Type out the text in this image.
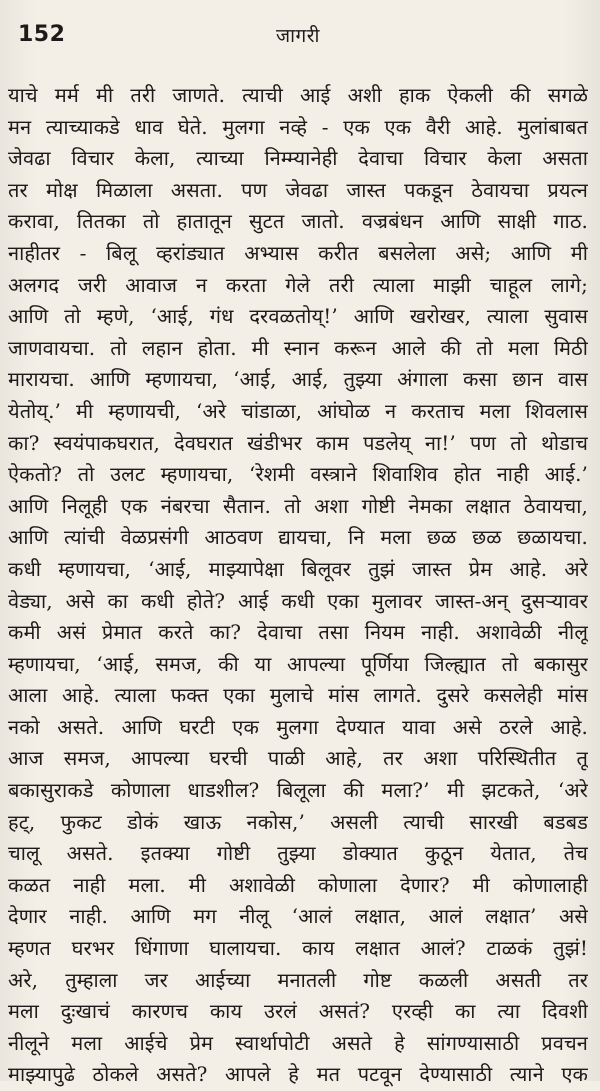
152	जागरी
याचे मर्म मी तरी जाणते. त्याची आई अशी हाक ऐकली की सगळे
मन त्याच्याकडे धाव घेते. मुलगा नव्हे - एक एक वैरी आहे. मुलांबाबत
जेवढा विचार केला, त्याच्या निम्म्यानेही देवाचा विचार केला असता
तर मोक्ष मिळाला असता. पण जेवढा जास्त पकडून ठेवायचा प्रयत्न
करावा, तितका तो हातातून सुटत जातो. वज्रबंधन आणि साक्षी गाठ.
नाहीतर - बिलू व्हरांड्यात अभ्यास करीत बसलेला असे; आणि मी
अलगद जरी आवाज न करता गेले तरी त्याला माझी चाहूल लागे;
आणि तो म्हणे, ‘आई, गंध दरवळतोय्!’ आणि खरोखर, त्याला सुवास
जाणवायचा. तो लहान होता. मी स्नान करून आले की तो मला मिठी
मारायचा. आणि म्हणायचा, ‘आई, आई, तुझ्या अंगाला कसा छान वास
येतोय्.’ मी म्हणायची, ‘अरे चांडाळा, आंघोळ न करताच मला शिवलास
का? स्वयंपाकघरात, देवघरात खंडीभर काम पडलेय् ना!’ पण तो थोडाच
ऐकतो? तो उलट म्हणायचा, ‘रेशमी वस्त्राने शिवाशिव होत नाही आई.’
आणि निलूही एक नंबरचा सैतान. तो अशा गोष्टी नेमका लक्षात ठेवायचा,
आणि त्यांची वेळप्रसंगी आठवण द्यायचा, नि मला छळ छळ छळायचा.
कधी म्हणायचा, ‘आई, माझ्यापेक्षा बिलूवर तुझं जास्त प्रेम आहे. अरे
वेड्या, असे का कधी होते? आई कधी एका मुलावर जास्त-अन् दुसऱ्यावर
कमी असं प्रेमात करते का? देवाचा तसा नियम नाही. अशावेळी नीलू
म्हणायचा, ‘आई, समज, की या आपल्या पूर्णिया जिल्ह्यात तो बकासुर
आला आहे. त्याला फक्त एका मुलाचे मांस लागते. दुसरे कसलेही मांस
नको असते. आणि घरटी एक मुलगा देण्यात यावा असे ठरले आहे.
आज समज, आपल्या घरची पाळी आहे, तर अशा परिस्थितीत तू
बकासुराकडे कोणाला धाडशील? बिलूला की मला?’ मी झटकते, ‘अरे
हट्, फुकट डोकं खाऊ नकोस,’ असली त्याची सारखी बडबड
चालू असते. इतक्या गोष्टी तुझ्या डोक्यात कुठून येतात, तेच
कळत नाही मला. मी अशावेळी कोणाला देणार? मी कोणालाही
देणार नाही. आणि मग नीलू ‘आलं लक्षात, आलं लक्षात’ असे
म्हणत घरभर धिंगाणा घालायचा. काय लक्षात आलं? टाळकं तुझं!
अरे, तुम्हाला जर आईच्या मनातली गोष्ट कळली असती तर
मला दुःखाचं कारणच काय उरलं असतं? एरव्ही का त्या दिवशी
नीलूने मला आईचे प्रेम स्वार्थापोटी असते हे सांगण्यासाठी प्रवचन
माझ्यापुढे ठोकले असते? आपले हे मत पटवून देण्यासाठी त्याने एक
